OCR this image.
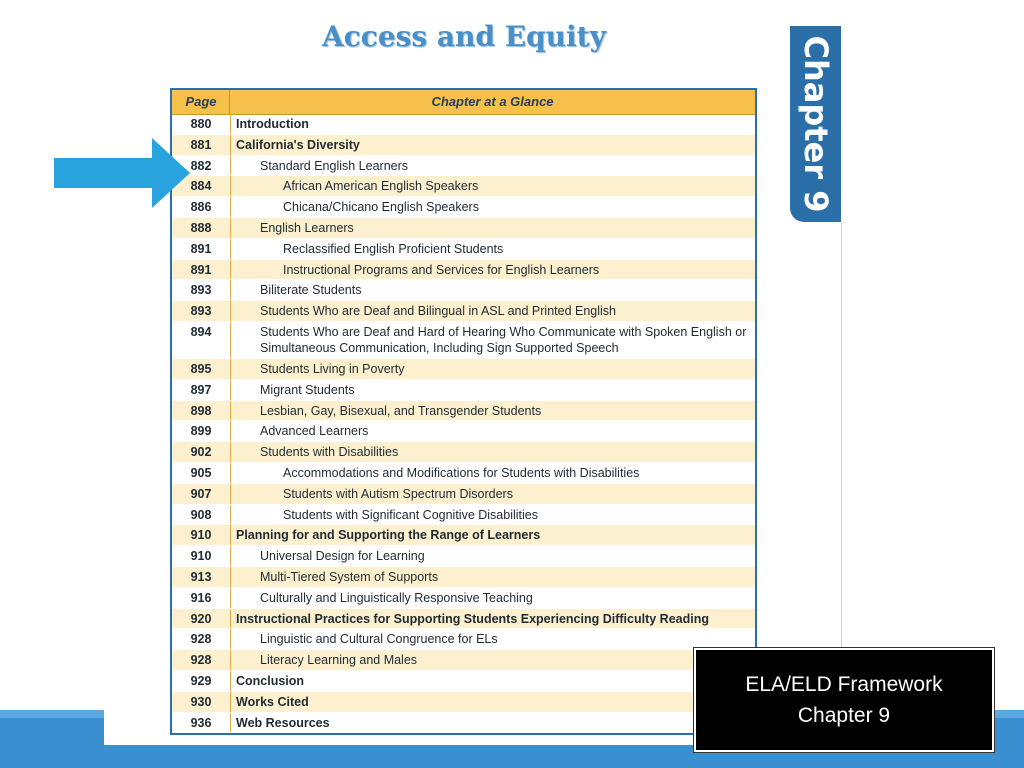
Access and Equity	Chapter 9
Page	Chapter at a Glance
880	Introduction
881	California's Diversity
882	Standard English Learners
884	African American English Speakers
886	Chicana/Chicano English Speakers
888	English Learners
891	Reclassified English Proficient Students
891	Instructional Programs and Services for English Learners
893	Biliterate Students
893	Students Who are Deaf and Bilingual in ASL and Printed English
894	Students Who are Deaf and Hard of Hearing Who Communicate with Spoken English or Simultaneous Communication, Including Sign Supported Speech
895	Students Living in Poverty
897	Migrant Students
898	Lesbian, Gay, Bisexual, and Transgender Students
899	Advanced Learners
902	Students with Disabilities
905	Accommodations and Modifications for Students with Disabilities
907	Students with Autism Spectrum Disorders
908	Students with Significant Cognitive Disabilities
910	Planning for and Supporting the Range of Learners
910	Universal Design for Learning
913	Multi-Tiered System of Supports
916	Culturally and Linguistically Responsive Teaching
920	Instructional Practices for Supporting Students Experiencing Difficulty Reading
928	Linguistic and Cultural Congruence for ELs
928	Literacy Learning and Males
929	Conclusion
930	Works Cited
936	Web Resources
ELA/ELD Framework
Chapter 9
